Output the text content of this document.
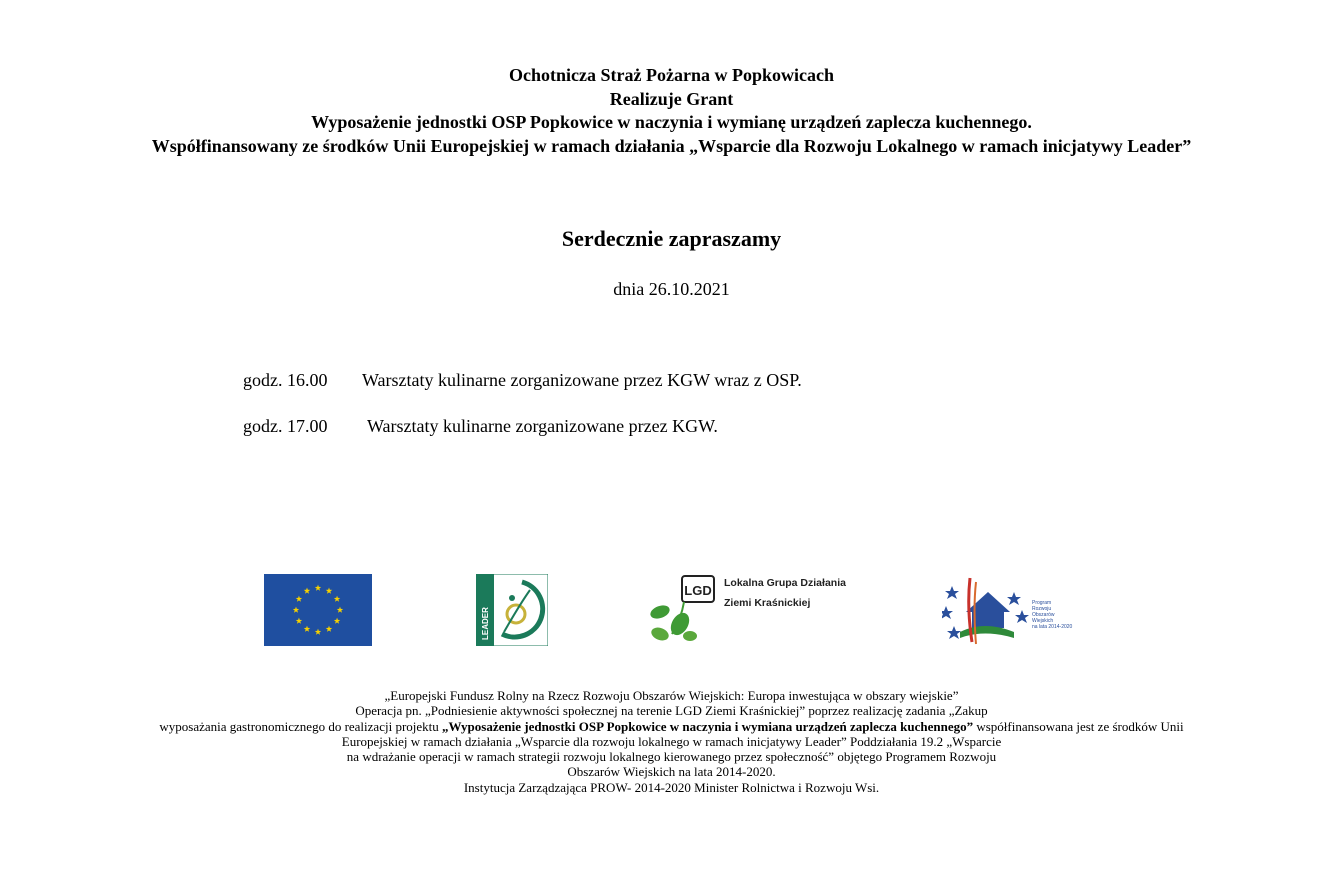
Ochotnicza Straż Pożarna w Popkowicach
Realizuje Grant
Wyposażenie jednostki OSP Popkowice w naczynia i wymianę urządzeń zaplecza kuchennego.
Współfinansowany ze środków Unii Europejskiej w ramach działania „Wsparcie dla Rozwoju Lokalnego w ramach inicjatywy Leader”
Serdecznie zapraszamy
dnia 26.10.2021
godz. 16.00 Warsztaty kulinarne zorganizowane przez KGW wraz z OSP.
godz. 17.00 Warsztaty kulinarne zorganizowane przez KGW.
LEADER
LGD Lokalna Grupa Działania
Ziemi Kraśnickiej	Program
Rozwoju
Obszarów
Wiejskich
na lata 2014-2020
„Europejski Fundusz Rolny na Rzecz Rozwoju Obszarów Wiejskich: Europa inwestująca w obszary wiejskie”
Operacja pn. „Podniesienie aktywności społecznej na terenie LGD Ziemi Kraśnickiej” poprzez realizację zadania „Zakup
wyposażania gastronomicznego do realizacji projektu „Wyposażenie jednostki OSP Popkowice w naczynia i wymiana urządzeń zaplecza kuchennego” współfinansowana jest ze środków Unii
Europejskiej w ramach działania „Wsparcie dla rozwoju lokalnego w ramach inicjatywy Leader” Poddziałania 19.2 „Wsparcie
na wdrażanie operacji w ramach strategii rozwoju lokalnego kierowanego przez społeczność” objętego Programem Rozwoju
Obszarów Wiejskich na lata 2014-2020.
Instytucja Zarządzająca PROW- 2014-2020 Minister Rolnictwa i Rozwoju Wsi.
